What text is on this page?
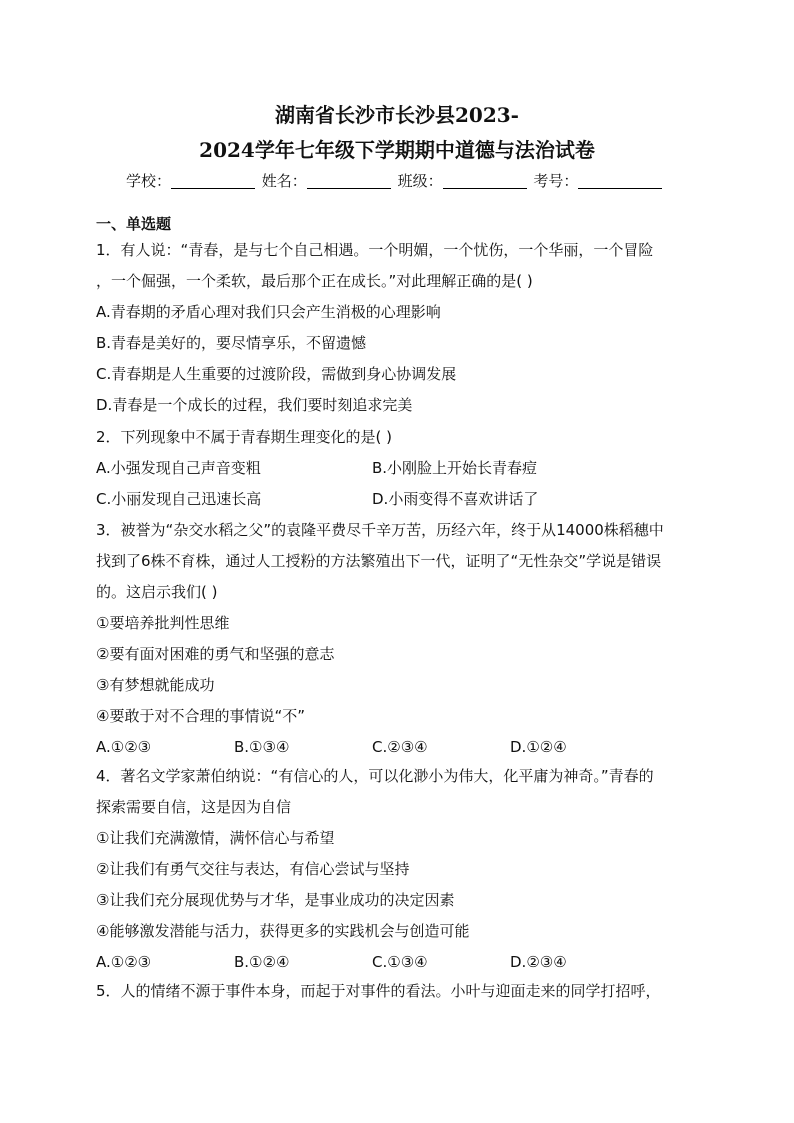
湖南省长沙市长沙县2023-
2024学年七年级下学期期中道德与法治试卷
学校：	姓名：	班级：	考号：
一、单选题
1．有人说：“青春，是与七个自己相遇。一个明媚，一个忧伤，一个华丽，一个冒险
，一个倔强，一个柔软，最后那个正在成长。”对此理解正确的是( )
A.青春期的矛盾心理对我们只会产生消极的心理影响
B.青春是美好的，要尽情享乐，不留遗憾
C.青春期是人生重要的过渡阶段，需做到身心协调发展
D.青春是一个成长的过程，我们要时刻追求完美
2．下列现象中不属于青春期生理变化的是( )
A.小强发现自己声音变粗	B.小刚脸上开始长青春痘
C.小丽发现自己迅速长高	D.小雨变得不喜欢讲话了
3．被誉为“杂交水稻之父”的袁隆平费尽千辛万苦，历经六年，终于从14000株稻穗中
找到了6株不育株，通过人工授粉的方法繁殖出下一代，证明了“无性杂交”学说是错误
的。这启示我们( )
①要培养批判性思维
②要有面对困难的勇气和坚强的意志
③有梦想就能成功
④要敢于对不合理的事情说“不”
A.①②③	B.①③④	C.②③④	D.①②④
4．著名文学家萧伯纳说：“有信心的人，可以化渺小为伟大，化平庸为神奇。”青春的
探索需要自信，这是因为自信
①让我们充满激情，满怀信心与希望
②让我们有勇气交往与表达，有信心尝试与坚持
③让我们充分展现优势与才华，是事业成功的决定因素
④能够激发潜能与活力，获得更多的实践机会与创造可能
A.①②③	B.①②④	C.①③④	D.②③④
5．人的情绪不源于事件本身，而起于对事件的看法。小叶与迎面走来的同学打招呼，
